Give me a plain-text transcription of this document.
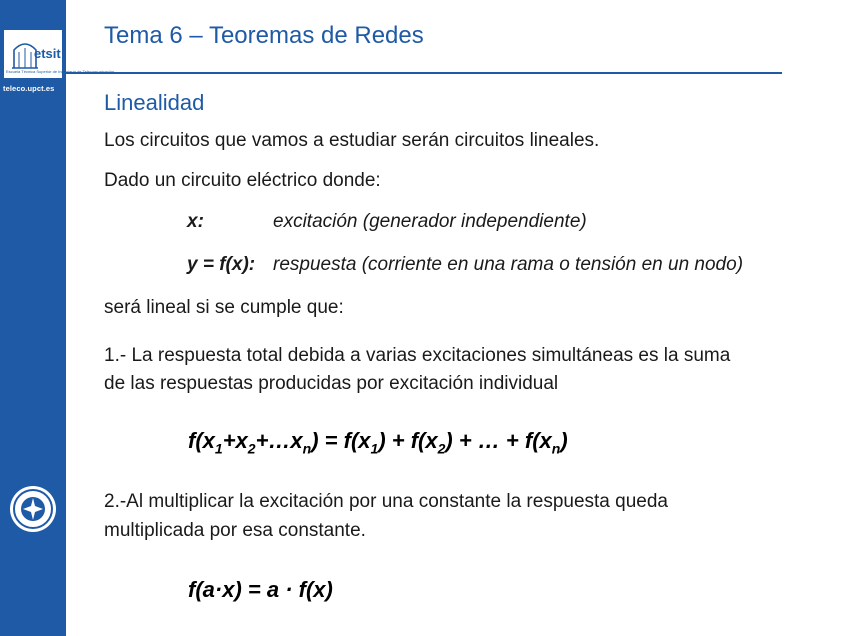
etsit
Escuela Técnica Superior de Ingeniería de Telecomunicación
teleco.upct.es
Tema 6 – Teoremas de Redes
Linealidad
Los circuitos que vamos a estudiar serán circuitos lineales.
Dado un circuito eléctrico donde:
x:	excitación (generador independiente)
y = f(x): respuesta (corriente en una rama o tensión en un nodo)
será lineal si se cumple que:
1.- La respuesta total debida a varias excitaciones simultáneas es la suma
de las respuestas producidas por excitación individual
$f(x_1+x_2+\dots x_n) = f(x_1) + f(x_2)$ + … + $f(x_n)$
2.-Al multiplicar la excitación por una constante la respuesta queda
multiplicada por esa constante.
f(a·x) = a · f(x)
